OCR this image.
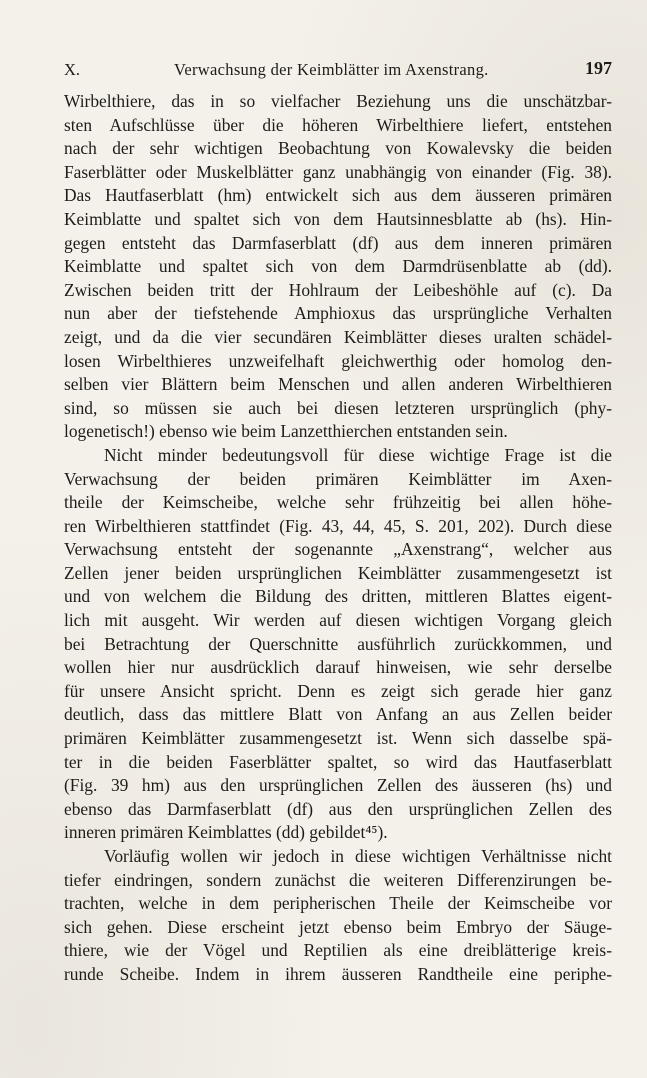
X.	Verwachsung der Keimblätter im Axenstrang.	197
Wirbelthiere, das in so vielfacher Beziehung uns die unschätzbar-
sten Aufschlüsse über die höheren Wirbelthiere liefert, entstehen
nach der sehr wichtigen Beobachtung von Kowalevsky die beiden
Faserblätter oder Muskelblätter ganz unabhängig von einander (Fig. 38).
Das Hautfaserblatt (hm) entwickelt sich aus dem äusseren primären
Keimblatte und spaltet sich von dem Hautsinnesblatte ab (hs). Hin-
gegen entsteht das Darmfaserblatt (df) aus dem inneren primären
Keimblatte und spaltet sich von dem Darmdrüsenblatte ab (dd).
Zwischen beiden tritt der Hohlraum der Leibeshöhle auf (c). Da
nun aber der tiefstehende Amphioxus das ursprüngliche Verhalten
zeigt, und da die vier secundären Keimblätter dieses uralten schädel-
losen Wirbelthieres unzweifelhaft gleichwerthig oder homolog den-
selben vier Blättern beim Menschen und allen anderen Wirbelthieren
sind, so müssen sie auch bei diesen letzteren ursprünglich (phy-
logenetisch!) ebenso wie beim Lanzetthierchen entstanden sein.
Nicht minder bedeutungsvoll für diese wichtige Frage ist die
Verwachsung der beiden primären Keimblätter im Axen-
theile der Keimscheibe, welche sehr frühzeitig bei allen höhe-
ren Wirbelthieren stattfindet (Fig. 43, 44, 45, S. 201, 202). Durch diese
Verwachsung entsteht der sogenannte „Axenstrang“, welcher aus
Zellen jener beiden ursprünglichen Keimblätter zusammengesetzt ist
und von welchem die Bildung des dritten, mittleren Blattes eigent-
lich mit ausgeht. Wir werden auf diesen wichtigen Vorgang gleich
bei Betrachtung der Querschnitte ausführlich zurückkommen, und
wollen hier nur ausdrücklich darauf hinweisen, wie sehr derselbe
für unsere Ansicht spricht. Denn es zeigt sich gerade hier ganz
deutlich, dass das mittlere Blatt von Anfang an aus Zellen beider
primären Keimblätter zusammengesetzt ist. Wenn sich dasselbe spä-
ter in die beiden Faserblätter spaltet, so wird das Hautfaserblatt
(Fig. 39 hm) aus den ursprünglichen Zellen des äusseren (hs) und
ebenso das Darmfaserblatt (df) aus den ursprünglichen Zellen des
inneren primären Keimblattes (dd) gebildet⁴⁵).
Vorläufig wollen wir jedoch in diese wichtigen Verhältnisse nicht
tiefer eindringen, sondern zunächst die weiteren Differenzirungen be-
trachten, welche in dem peripherischen Theile der Keimscheibe vor
sich gehen. Diese erscheint jetzt ebenso beim Embryo der Säuge-
thiere, wie der Vögel und Reptilien als eine dreiblätterige kreis-
runde Scheibe. Indem in ihrem äusseren Randtheile eine periphe-
